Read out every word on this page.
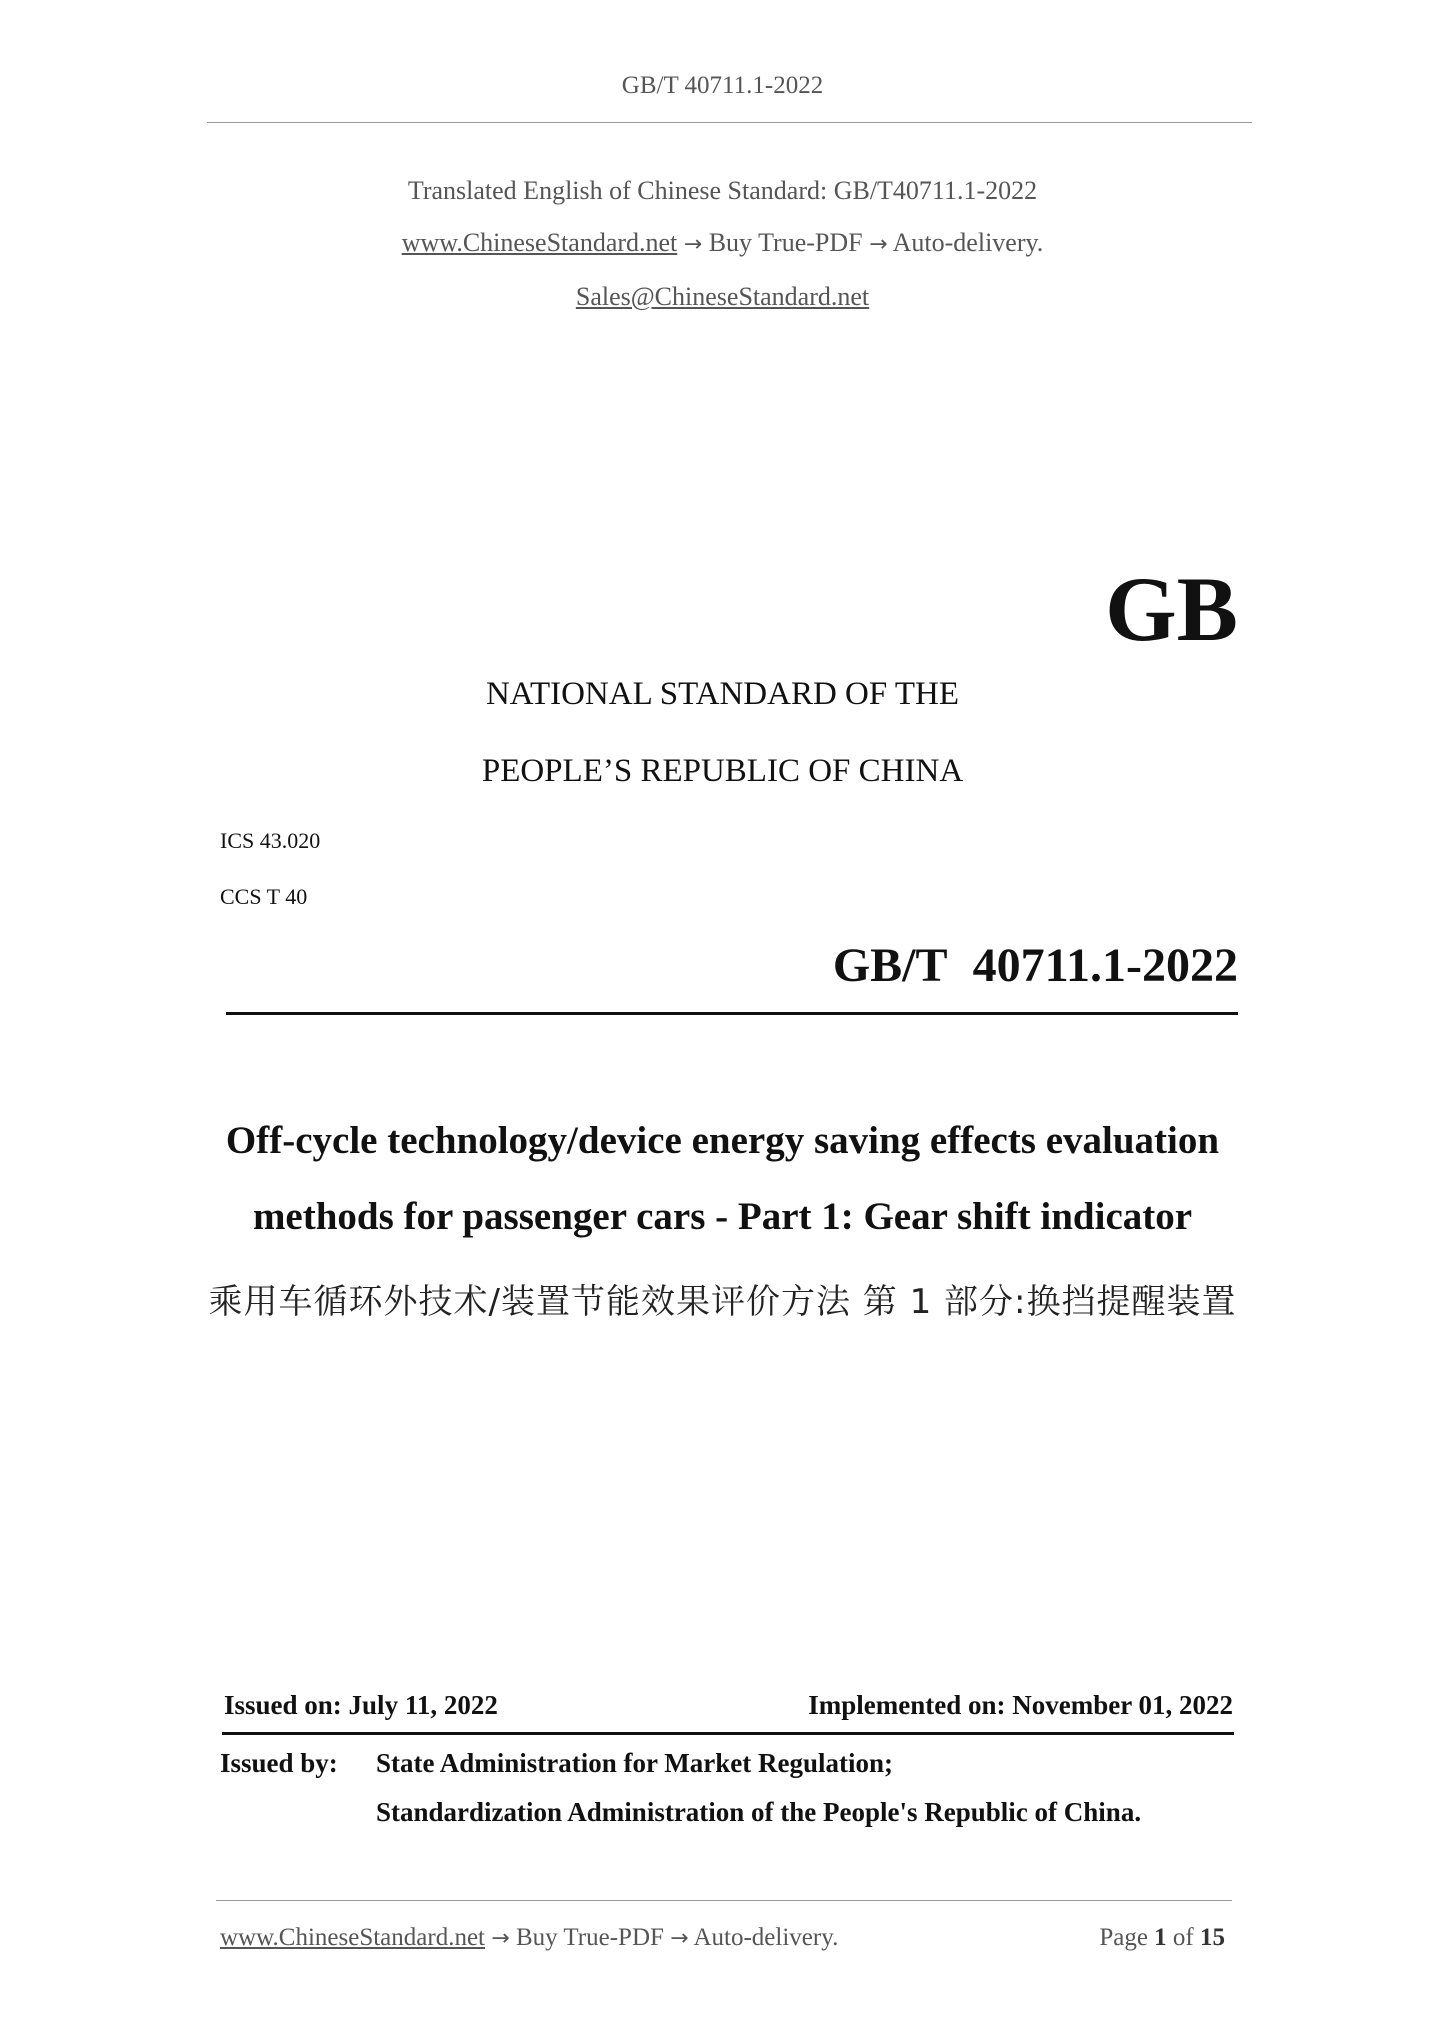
GB/T 40711.1-2022
Translated English of Chinese Standard: GB/T40711.1-2022
www.ChineseStandard.net → Buy True-PDF → Auto-delivery.
Sales@ChineseStandard.net
GB
NATIONAL STANDARD OF THE
PEOPLE’S REPUBLIC OF CHINA
ICS 43.020
CCS T 40
GB/T 40711.1-2022
Off-cycle technology/device energy saving effects evaluation
methods for passenger cars - Part 1: Gear shift indicator
乘用车循环外技术/装置节能效果评价方法 第 1 部分:换挡提醒装置
Issued on: July 11, 2022	Implemented on: November 01, 2022
Issued by: State Administration for Market Regulation;
Standardization Administration of the People's Republic of China.
www.ChineseStandard.net → Buy True-PDF → Auto-delivery.	Page 1 of 15
